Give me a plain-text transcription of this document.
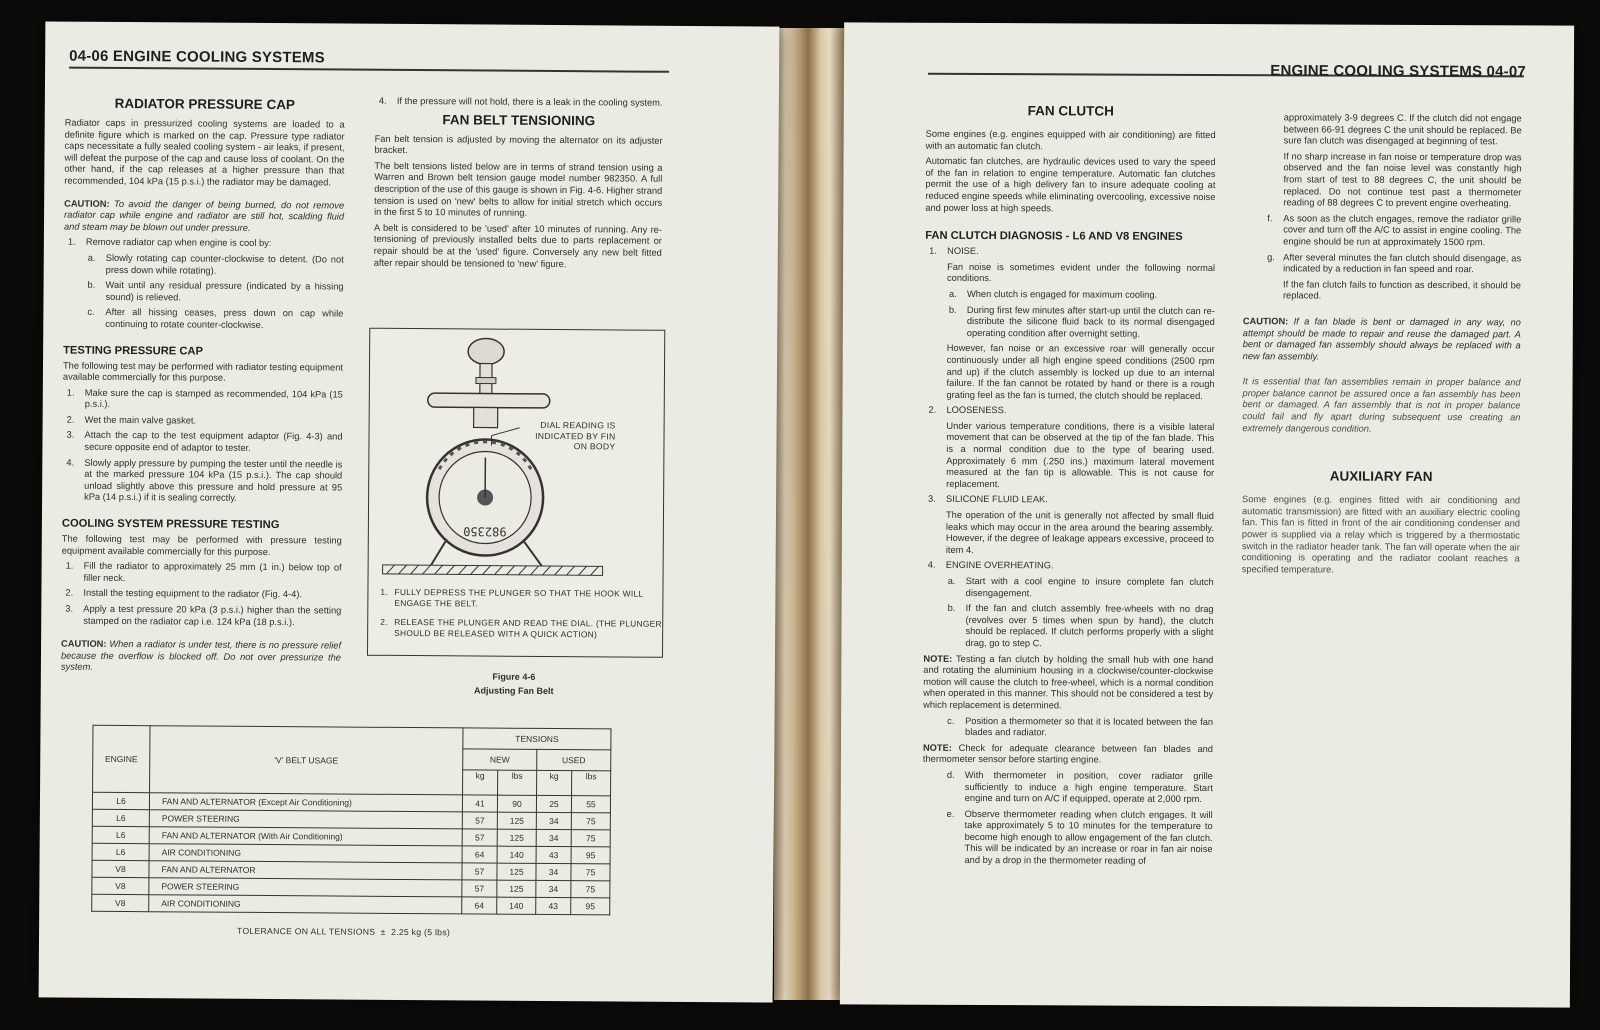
04-06 ENGINE COOLING SYSTEMS
RADIATOR PRESSURE CAP
Radiator caps in pressurized cooling systems are loaded to a definite figure which is marked on the cap. Pressure type radiator caps necessitate a fully sealed cooling system - air leaks, if present, will defeat the purpose of the cap and cause loss of coolant. On the other hand, if the cap releases at a higher pressure than that recommended, 104 kPa (15 p.s.i.) the radiator may be damaged.
CAUTION: To avoid the danger of being burned, do not remove radiator cap while engine and radiator are still hot, scalding fluid and steam may be blown out under pressure.
1. Remove radiator cap when engine is cool by:
a. Slowly rotating cap counter-clockwise to detent. (Do not press down while rotating).
b. Wait until any residual pressure (indicated by a hissing sound) is relieved.
c. After all hissing ceases, press down on cap while continuing to rotate counter-clockwise.
TESTING PRESSURE CAP
The following test may be performed with radiator testing equipment available commercially for this purpose.
1. Make sure the cap is stamped as recommended, 104 kPa (15 p.s.i.).
2. Wet the main valve gasket.
3. Attach the cap to the test equipment adaptor (Fig. 4-3) and secure opposite end of adaptor to tester.
4. Slowly apply pressure by pumping the tester until the needle is at the marked pressure 104 kPa (15 p.s.i.). The cap should unload slightly above this pressure and hold pressure at 95 kPa (14 p.s.i.) if it is sealing correctly.
COOLING SYSTEM PRESSURE TESTING
The following test may be performed with pressure testing equipment available commercially for this purpose.
1. Fill the radiator to approximately 25 mm (1 in.) below top of filler neck.
2. Install the testing equipment to the radiator (Fig. 4-4).
3. Apply a test pressure 20 kPa (3 p.s.i.) higher than the setting stamped on the radiator cap i.e. 124 kPa (18 p.s.i.).
CAUTION: When a radiator is under test, there is no pressure relief because the overflow is blocked off. Do not over pressurize the system.
4. If the pressure will not hold, there is a leak in the cooling system.
FAN BELT TENSIONING
Fan belt tension is adjusted by moving the alternator on its adjuster bracket.
The belt tensions listed below are in terms of strand tension using a Warren and Brown belt tension gauge model number 982350. A full description of the use of this gauge is shown in Fig. 4-6. Higher strand tension is used on 'new' belts to allow for initial stretch which occurs in the first 5 to 10 minutes of running.
A belt is considered to be 'used' after 10 minutes of running. Any re-tensioning of previously installed belts due to parts replacement or repair should be at the 'used' figure. Conversely any new belt fitted after repair should be tensioned to 'new' figure.
982350
DIAL READING IS INDICATED BY FIN ON BODY
1. FULLY DEPRESS THE PLUNGER SO THAT THE HOOK WILL ENGAGE THE BELT.
2. RELEASE THE PLUNGER AND READ THE DIAL. (THE PLUNGER SHOULD BE RELEASED WITH A QUICK ACTION)
Figure 4-6
Adjusting Fan Belt
ENGINE	'V' BELT USAGE	TENSIONS			
		NEW		USED	
		kg	lbs	kg	lbs
L6	FAN AND ALTERNATOR (Except Air Conditioning)	41	90	25	55
L6	POWER STEERING	57	125	34	75
L6	FAN AND ALTERNATOR (With Air Conditioning)	57	125	34	75
L6	AIR CONDITIONING	64	140	43	95
V8	FAN AND ALTERNATOR	57	125	34	75
V8	POWER STEERING	57	125	34	75
V8	AIR CONDITIONING	64	140	43	95
TOLERANCE ON ALL TENSIONS ± 2.25 kg (5 lbs)
ENGINE COOLING SYSTEMS 04-07
FAN CLUTCH
Some engines (e.g. engines equipped with air conditioning) are fitted with an automatic fan clutch.
Automatic fan clutches, are hydraulic devices used to vary the speed of the fan in relation to engine temperature. Automatic fan clutches permit the use of a high delivery fan to insure adequate cooling at reduced engine speeds while eliminating overcooling, excessive noise and power loss at high speeds.
FAN CLUTCH DIAGNOSIS - L6 AND V8 ENGINES
1. NOISE.
Fan noise is sometimes evident under the following normal conditions.
a. When clutch is engaged for maximum cooling.
b. During first few minutes after start-up until the clutch can re-distribute the silicone fluid back to its normal disengaged operating condition after overnight setting.
However, fan noise or an excessive roar will generally occur continuously under all high engine speed conditions (2500 rpm and up) if the clutch assembly is locked up due to an internal failure. If the fan cannot be rotated by hand or there is a rough grating feel as the fan is turned, the clutch should be replaced.
2. LOOSENESS.
Under various temperature conditions, there is a visible lateral movement that can be observed at the tip of the fan blade. This is a normal condition due to the type of bearing used. Approximately 6 mm (.250 ins.) maximum lateral movement measured at the fan tip is allowable. This is not cause for replacement.
3. SILICONE FLUID LEAK.
The operation of the unit is generally not affected by small fluid leaks which may occur in the area around the bearing assembly. However, if the degree of leakage appears excessive, proceed to item 4.
4. ENGINE OVERHEATING.
a. Start with a cool engine to insure complete fan clutch disengagement.
b. If the fan and clutch assembly free-wheels with no drag (revolves over 5 times when spun by hand), the clutch should be replaced. If clutch performs properly with a slight drag, go to step C.
NOTE: Testing a fan clutch by holding the small hub with one hand and rotating the aluminium housing in a clockwise/counter-clockwise motion will cause the clutch to free-wheel, which is a normal condition when operated in this manner. This should not be considered a test by which replacement is determined.
c. Position a thermometer so that it is located between the fan blades and radiator.
NOTE: Check for adequate clearance between fan blades and thermometer sensor before starting engine.
d. With thermometer in position, cover radiator grille sufficiently to induce a high engine temperature. Start engine and turn on A/C if equipped, operate at 2,000 rpm.
e. Observe thermometer reading when clutch engages. It will take approximately 5 to 10 minutes for the temperature to become high enough to allow engagement of the fan clutch. This will be indicated by an increase or roar in fan air noise and by a drop in the thermometer reading of
approximately 3-9 degrees C. If the clutch did not engage between 66-91 degrees C the unit should be replaced. Be sure fan clutch was disengaged at beginning of test.
If no sharp increase in fan noise or temperature drop was observed and the fan noise level was constantly high from start of test to 88 degrees C, the unit should be replaced. Do not continue test past a thermometer reading of 88 degrees C to prevent engine overheating.
f. As soon as the clutch engages, remove the radiator grille cover and turn off the A/C to assist in engine cooling. The engine should be run at approximately 1500 rpm.
g. After several minutes the fan clutch should disengage, as indicated by a reduction in fan speed and roar.
If the fan clutch fails to function as described, it should be replaced.
CAUTION: If a fan blade is bent or damaged in any way, no attempt should be made to repair and reuse the damaged part. A bent or damaged fan assembly should always be replaced with a new fan assembly.
It is essential that fan assemblies remain in proper balance and proper balance cannot be assured once a fan assembly has been bent or damaged. A fan assembly that is not in proper balance could fail and fly apart during subsequent use creating an extremely dangerous condition.
AUXILIARY FAN
Some engines (e.g. engines fitted with air conditioning and automatic transmission) are fitted with an auxiliary electric cooling fan. This fan is fitted in front of the air conditioning condenser and power is supplied via a relay which is triggered by a thermostatic switch in the radiator header tank. The fan will operate when the air conditioning is operating and the radiator coolant reaches a specified temperature.
